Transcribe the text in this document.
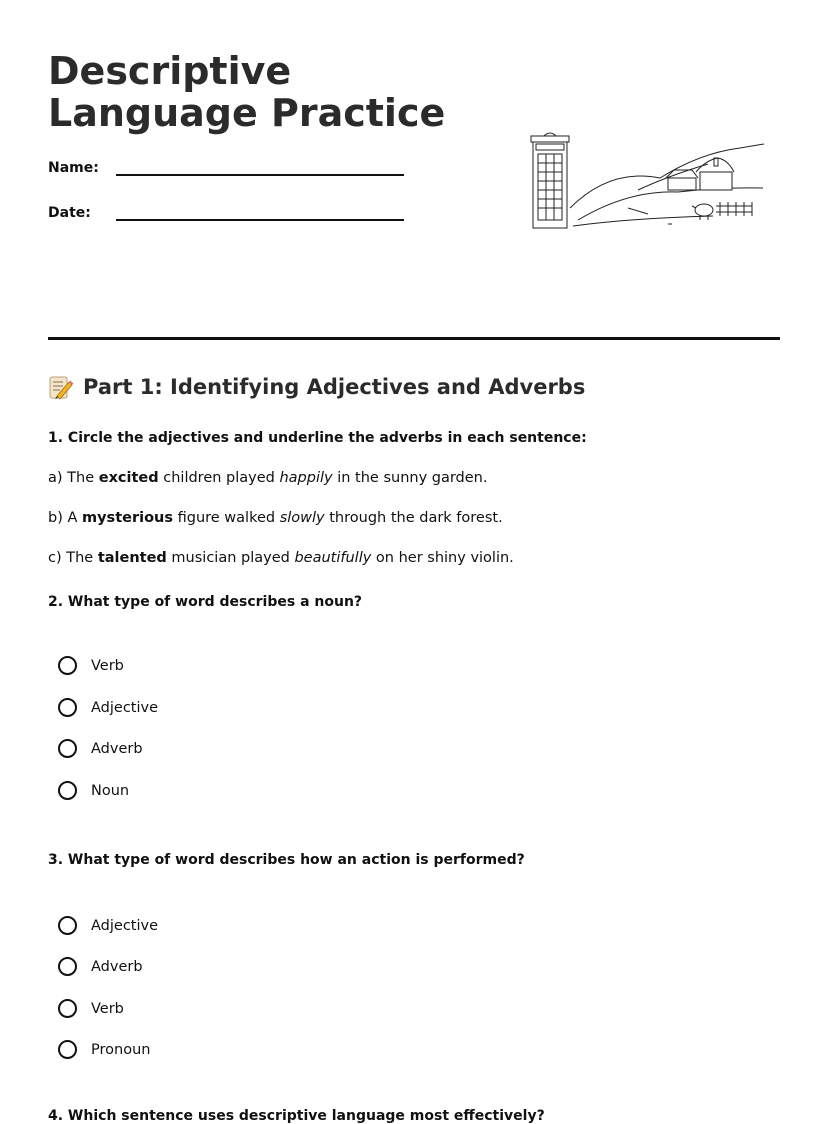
Descriptive Language Practice
Name:
Date:
Part 1: Identifying Adjectives and Adverbs

1. Circle the adjectives and underline the adverbs in each sentence:

a) The excited children played happily in the sunny garden.

b) A mysterious figure walked slowly through the dark forest.

c) The talented musician played beautifully on her shiny violin.

2. What type of word describes a noun?

Verb
Adjective
Adverb
Noun

3. What type of word describes how an action is performed?

Adjective
Adverb
Verb
Pronoun

4. Which sentence uses descriptive language most effectively?
